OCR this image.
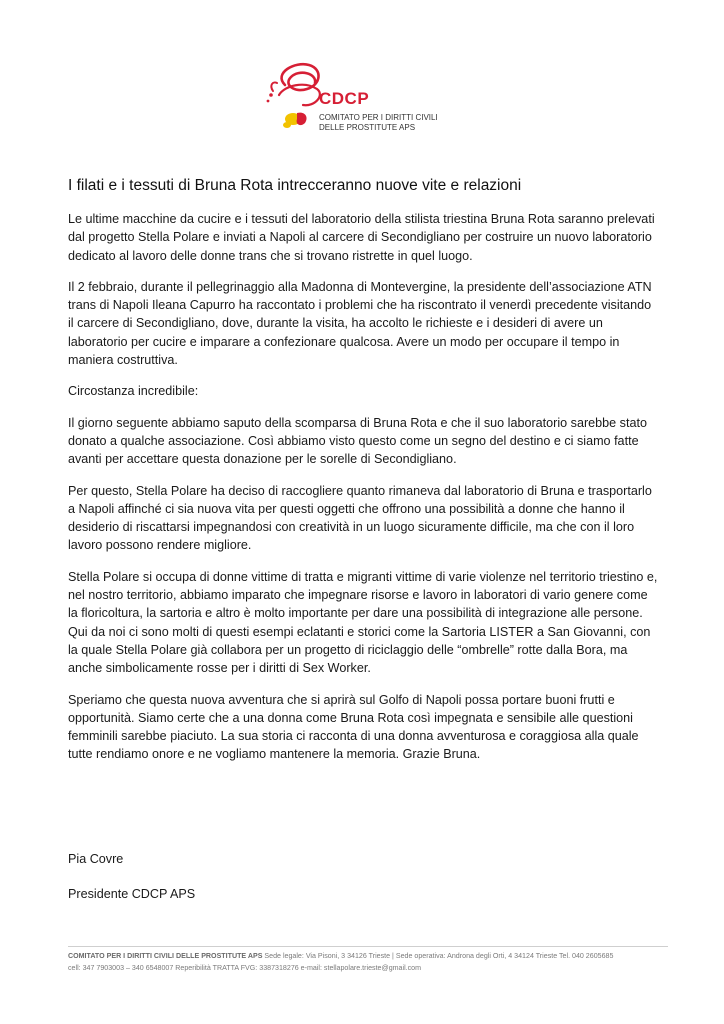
CDCP
COMITATO PER I DIRITTI CIVILI
DELLE PROSTITUTE APS
I filati e i tessuti di Bruna Rota intrecceranno nuove vite e relazioni

Le ultime macchine da cucire e i tessuti del laboratorio della stilista triestina Bruna Rota saranno prelevati dal progetto Stella Polare e inviati a Napoli al carcere di Secondigliano per costruire un nuovo laboratorio dedicato al lavoro delle donne trans che si trovano ristrette in quel luogo.

Il 2 febbraio, durante il pellegrinaggio alla Madonna di Montevergine, la presidente dell’associazione ATN trans di Napoli Ileana Capurro ha raccontato i problemi che ha riscontrato il venerdì precedente visitando il carcere di Secondigliano, dove, durante la visita, ha accolto le richieste e i desideri di avere un laboratorio per cucire e imparare a confezionare qualcosa. Avere un modo per occupare il tempo in maniera costruttiva.

Circostanza incredibile:

Il giorno seguente abbiamo saputo della scomparsa di Bruna Rota e che il suo laboratorio sarebbe stato donato a qualche associazione. Così abbiamo visto questo come un segno del destino e ci siamo fatte avanti per accettare questa donazione per le sorelle di Secondigliano.

Per questo, Stella Polare ha deciso di raccogliere quanto rimaneva dal laboratorio di Bruna e trasportarlo a Napoli affinché ci sia nuova vita per questi oggetti che offrono una possibilità a donne che hanno il desiderio di riscattarsi impegnandosi con creatività in un luogo sicuramente difficile, ma che con il loro lavoro possono rendere migliore.

Stella Polare si occupa di donne vittime di tratta e migranti vittime di varie violenze nel territorio triestino e, nel nostro territorio, abbiamo imparato che impegnare risorse e lavoro in laboratori di vario genere come la floricoltura, la sartoria e altro è molto importante per dare una possibilità di integrazione alle persone. Qui da noi ci sono molti di questi esempi eclatanti e storici come la Sartoria LISTER a San Giovanni, con la quale Stella Polare già collabora per un progetto di riciclaggio delle “ombrelle” rotte dalla Bora, ma anche simbolicamente rosse per i diritti di Sex Worker.

Speriamo che questa nuova avventura che si aprirà sul Golfo di Napoli possa portare buoni frutti e opportunità. Siamo certe che a una donna come Bruna Rota così impegnata e sensibile alle questioni femminili sarebbe piaciuto. La sua storia ci racconta di una donna avventurosa e coraggiosa alla quale tutte rendiamo onore e ne vogliamo mantenere la memoria. Grazie Bruna.

Pia Covre

Presidente CDCP APS

COMITATO PER I DIRITTI CIVILI DELLE PROSTITUTE APS Sede legale: Via Pisoni, 3 34126 Trieste | Sede operativa: Androna degli Orti, 4 34124 Trieste Tel. 040 2605685
cell: 347 7903003 – 340 6548007 Reperibilità TRATTA FVG: 3387318276 e-mail: stellapolare.trieste@gmail.com
